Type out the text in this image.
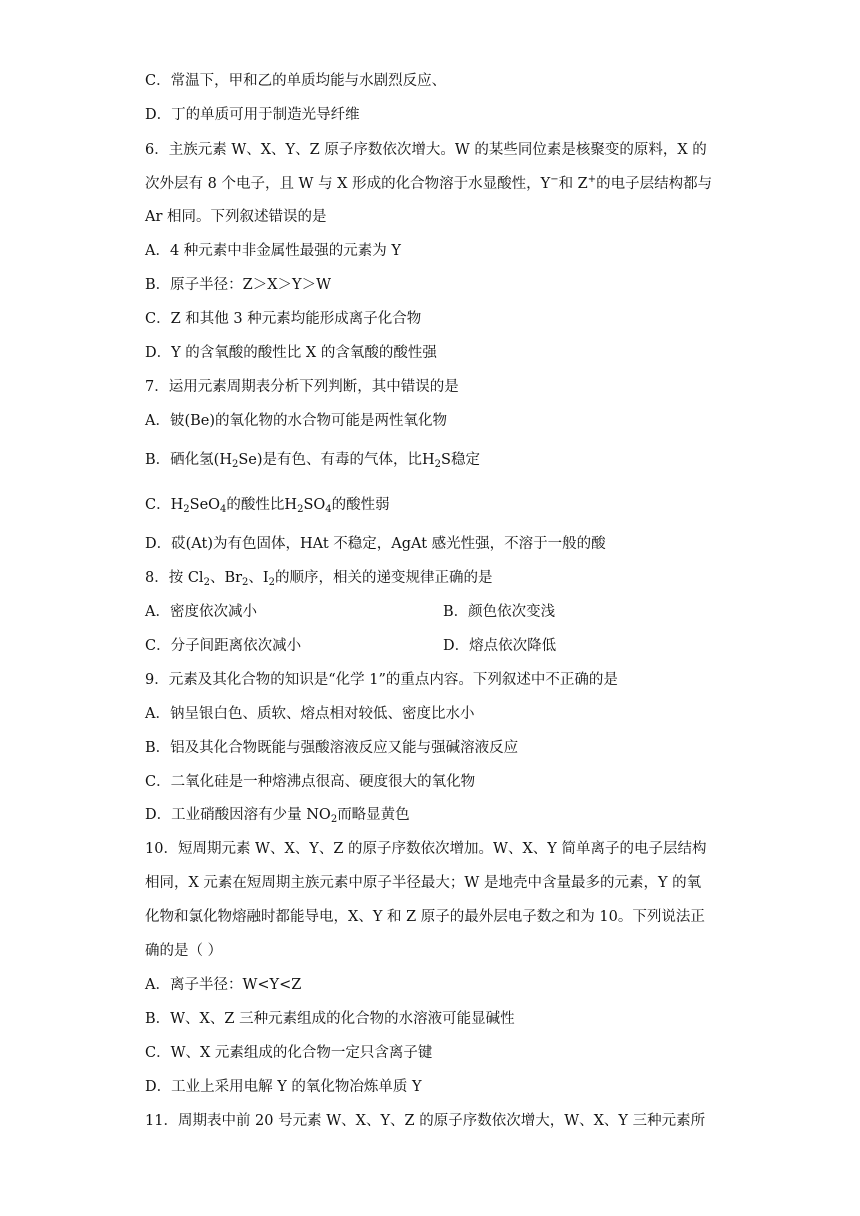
C．常温下，甲和乙的单质均能与水剧烈反应、
D．丁的单质可用于制造光导纤维
6．主族元素 W、X、Y、Z 原子序数依次增大。W 的某些同位素是核聚变的原料，X 的
次外层有 8 个电子，且 W 与 X 形成的化合物溶于水显酸性，Y−和 Z+的电子层结构都与
Ar 相同。下列叙述错误的是
A．4 种元素中非金属性最强的元素为 Y
B．原子半径：Z＞X＞Y＞W
C．Z 和其他 3 种元素均能形成离子化合物
D．Y 的含氧酸的酸性比 X 的含氧酸的酸性强
7．运用元素周期表分析下列判断，其中错误的是
A．铍(Be)的氧化物的水合物可能是两性氧化物
B．硒化氢$(H_2Se)$是有色、有毒的气体，比$H_2S$稳定
C．$H_2SeO_4$的酸性比$H_2SO_4$的酸性弱
D．砹(At)为有色固体，HAt 不稳定，AgAt 感光性强，不溶于一般的酸
8．按 $Cl_2$、$Br_2$、$I_2$的顺序，相关的递变规律正确的是
A．密度依次减小	B．颜色依次变浅
C．分子间距离依次减小	D．熔点依次降低
9．元素及其化合物的知识是“化学 1”的重点内容。下列叙述中不正确的是
A．钠呈银白色、质软、熔点相对较低、密度比水小
B．铝及其化合物既能与强酸溶液反应又能与强碱溶液反应
C．二氧化硅是一种熔沸点很高、硬度很大的氧化物
D．工业硝酸因溶有少量 $NO_2$而略显黄色
10．短周期元素 W、X、Y、Z 的原子序数依次增加。W、X、Y 简单离子的电子层结构
相同，X 元素在短周期主族元素中原子半径最大；W 是地壳中含量最多的元素，Y 的氧
化物和氯化物熔融时都能导电，X、Y 和 Z 原子的最外层电子数之和为 10。下列说法正
确的是（ ）
A．离子半径：W<Y<Z
B．W、X、Z 三种元素组成的化合物的水溶液可能显碱性
C．W、X 元素组成的化合物一定只含离子键
D．工业上采用电解 Y 的氧化物冶炼单质 Y
11．周期表中前 20 号元素 W、X、Y、Z 的原子序数依次增大，W、X、Y 三种元素所
